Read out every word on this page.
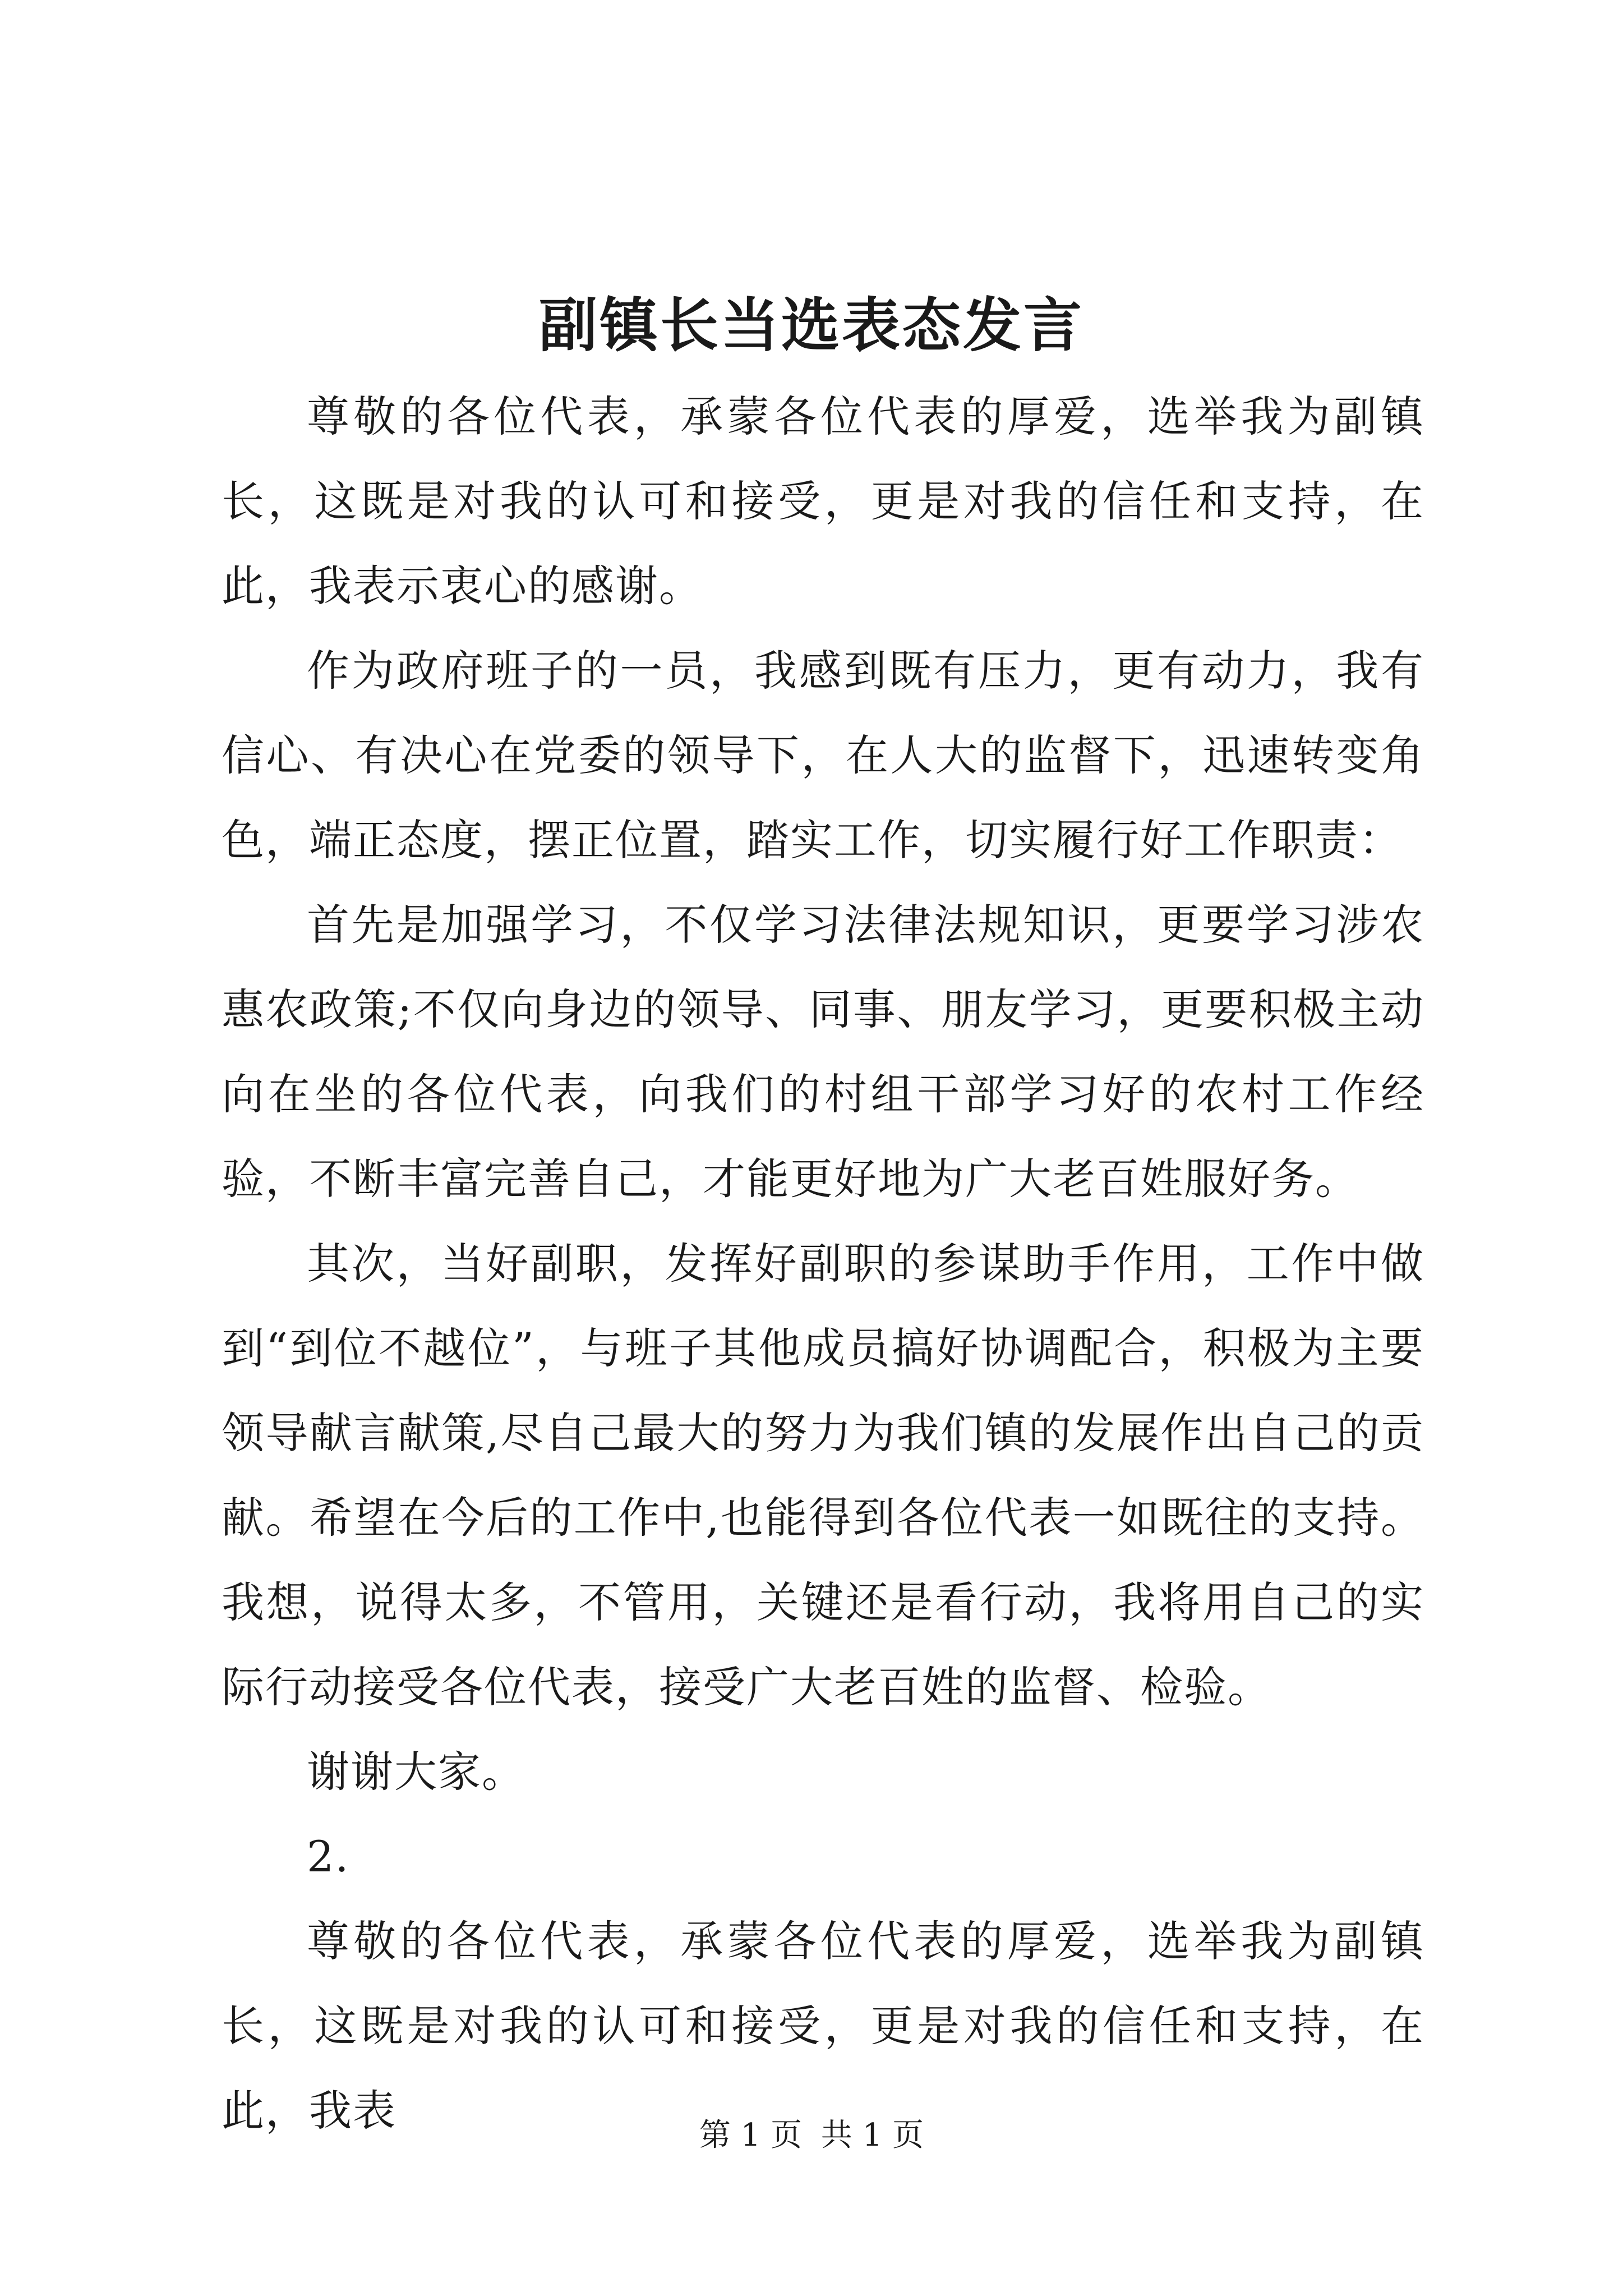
副镇长当选表态发言

尊敬的各位代表，承蒙各位代表的厚爱，选举我为副镇长，这既是对我的认可和接受，更是对我的信任和支持，在此，我表示衷心的感谢。

作为政府班子的一员，我感到既有压力，更有动力，我有信心、有决心在党委的领导下，在人大的监督下，迅速转变角色，端正态度，摆正位置，踏实工作，切实履行好工作职责：

首先是加强学习，不仅学习法律法规知识，更要学习涉农惠农政策;不仅向身边的领导、同事、朋友学习，更要积极主动向在坐的各位代表，向我们的村组干部学习好的农村工作经验，不断丰富完善自己，才能更好地为广大老百姓服好务。

其次，当好副职，发挥好副职的参谋助手作用，工作中做到“到位不越位”，与班子其他成员搞好协调配合，积极为主要领导献言献策,尽自己最大的努力为我们镇的发展作出自己的贡献。希望在今后的工作中,也能得到各位代表一如既往的支持。我想，说得太多，不管用，关键还是看行动，我将用自己的实际行动接受各位代表，接受广大老百姓的监督、检验。

谢谢大家。

2.

尊敬的各位代表，承蒙各位代表的厚爱，选举我为副镇长，这既是对我的认可和接受，更是对我的信任和支持，在此，我表	第 1 页 共 1 页
